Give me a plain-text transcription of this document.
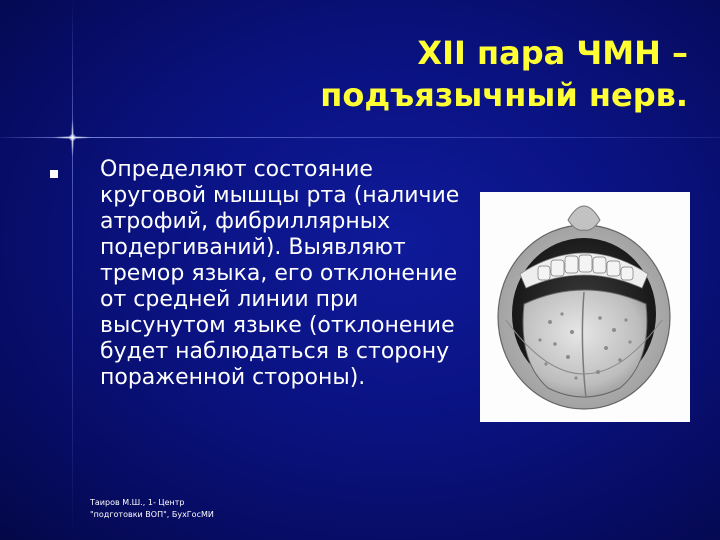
XII пара ЧМН –
подъязычный нерв.
Определяют состояние круговой мышцы рта (наличие атрофий, фибриллярных подергиваний). Выявляют тремор языка, его отклонение от средней линии при высунутом языке (отклонение будет наблюдаться в сторону пораженной стороны).
Таиров М.Ш., 1- Центр
"подготовки ВОП", БухГосМИ
